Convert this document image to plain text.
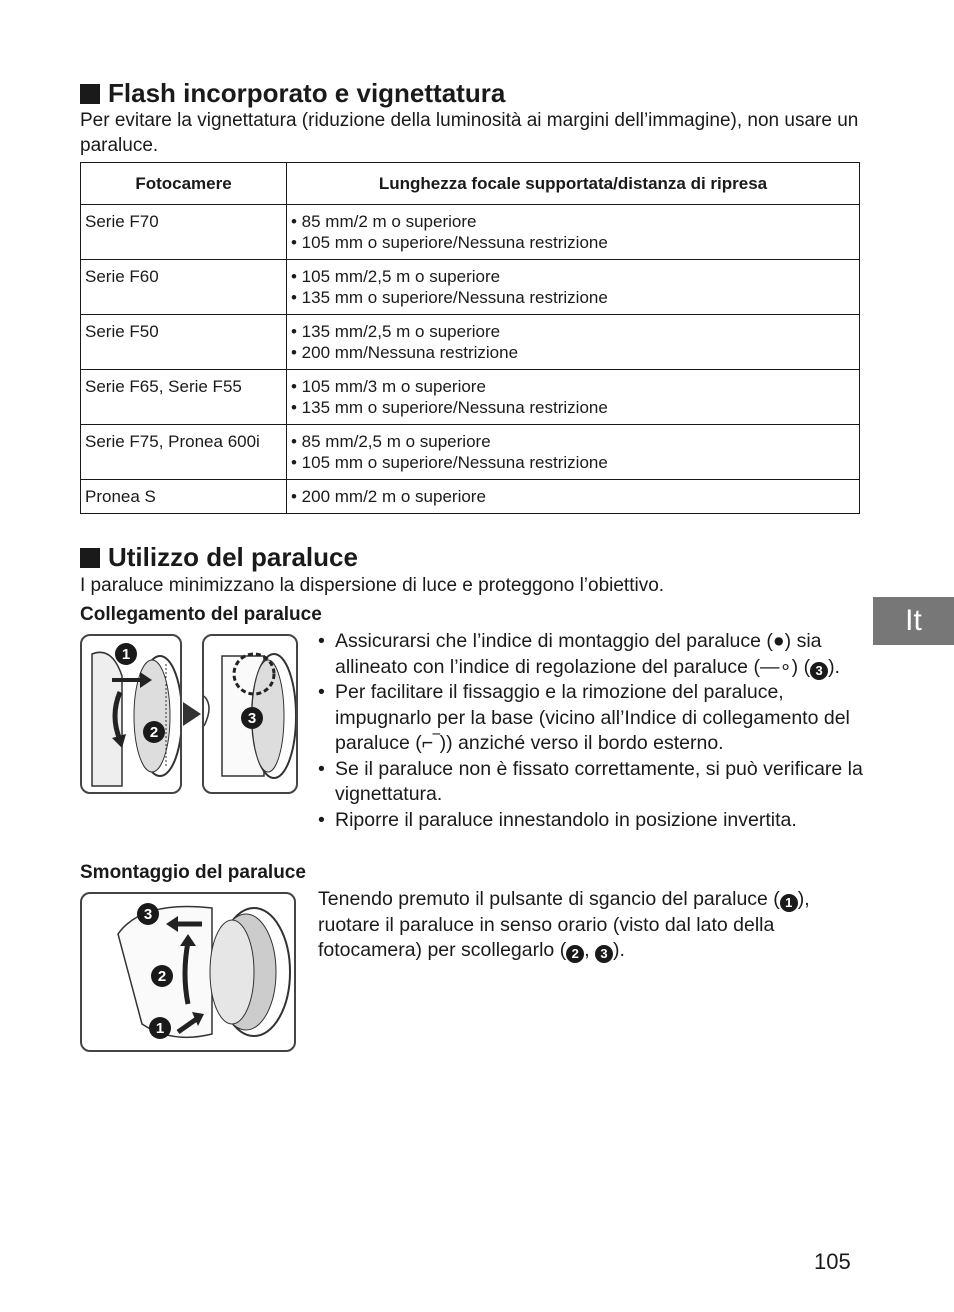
Flash incorporato e vignettatura
Per evitare la vignettatura (riduzione della luminosità ai margini dell’immagine), non usare un paraluce.
Fotocamere	Lunghezza focale supportata/distanza di ripresa
Serie F70	• 85 mm/2 m o superiore
• 105 mm o superiore/Nessuna restrizione

Serie F60	• 105 mm/2,5 m o superiore
• 135 mm o superiore/Nessuna restrizione

Serie F50	• 135 mm/2,5 m o superiore
• 200 mm/Nessuna restrizione

Serie F65, Serie F55	• 105 mm/3 m o superiore
• 135 mm o superiore/Nessuna restrizione

Serie F75, Pronea 600i	• 85 mm/2,5 m o superiore
• 105 mm o superiore/Nessuna restrizione

Pronea S	• 200 mm/2 m o superiore
Utilizzo del paraluce
I paraluce minimizzano la dispersione di luce e proteggono l’obiettivo.
Collegamento del paraluce
1
2
3
• Assicurarsi che l’indice di montaggio del paraluce (●) sia allineato con l’indice di regolazione del paraluce (—∘) ( 3 ).
• Per facilitare il fissaggio e la rimozione del paraluce, impugnarlo per la base (vicino all’Indice di collegamento del paraluce (⌐‾)) anziché verso il bordo esterno.
• Se il paraluce non è fissato correttamente, si può verificare la vignettatura.
• Riporre il paraluce innestandolo in posizione invertita.
Smontaggio del paraluce
3
2
1
Tenendo premuto il pulsante di sgancio del paraluce ( 1 ), ruotare il paraluce in senso orario (visto dal lato della fotocamera) per scollegarlo ( 2 , 3 ).
It
105
